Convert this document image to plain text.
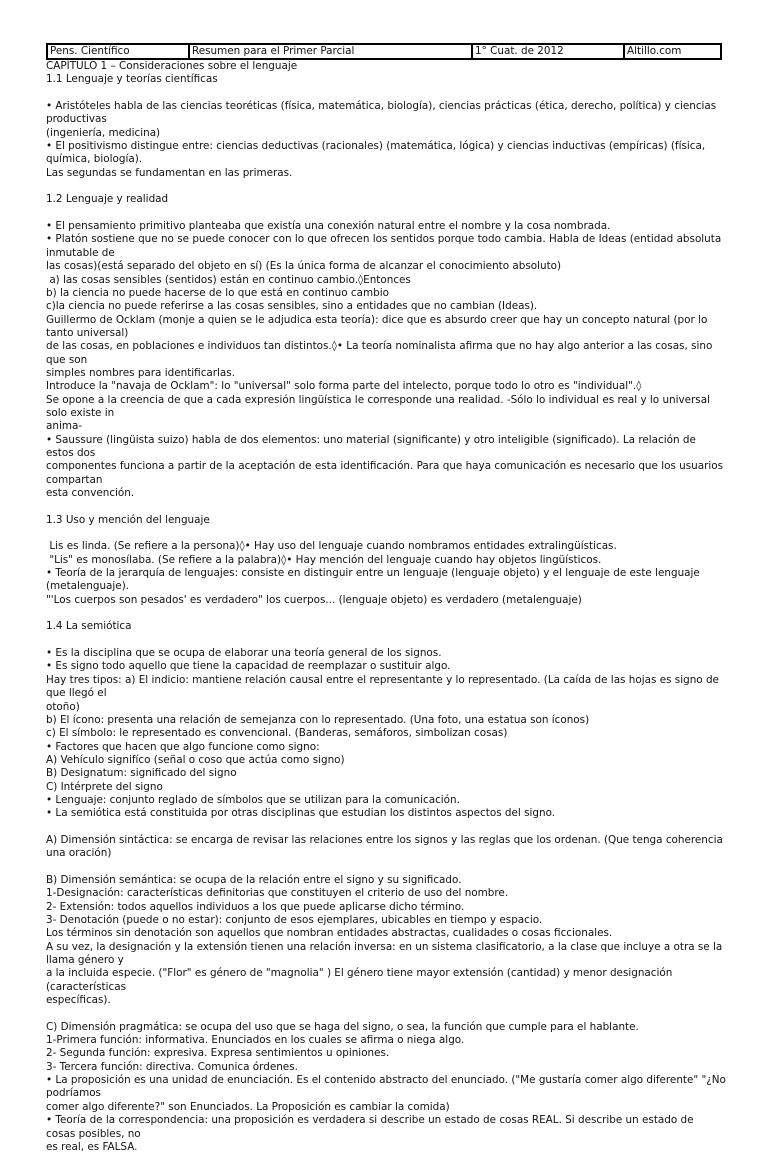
Pens. Científico	Resumen para el Primer Parcial	1° Cuat. de 2012	Altillo.com
CAPÍTULO 1 – Consideraciones sobre el lenguaje
1.1 Lenguaje y teorías científicas
• Aristóteles habla de las ciencias teoréticas (física, matemática, biología), ciencias prácticas (ética, derecho, política) y ciencias productivas
(ingeniería, medicina)
• El positivismo distingue entre: ciencias deductivas (racionales) (matemática, lógica) y ciencias inductivas (empíricas) (física, química, biología).
Las segundas se fundamentan en las primeras.
1.2 Lenguaje y realidad
• El pensamiento primitivo planteaba que existía una conexión natural entre el nombre y la cosa nombrada.
• Platón sostiene que no se puede conocer con lo que ofrecen los sentidos porque todo cambia. Habla de Ideas (entidad absoluta inmutable de
las cosas)(está separado del objeto en sí) (Es la única forma de alcanzar el conocimiento absoluto)
a) las cosas sensibles (sentidos) están en continuo cambio.◊Entonces
b) la ciencia no puede hacerse de lo que está en continuo cambio
c)la ciencia no puede referirse a las cosas sensibles, sino a entidades que no cambian (Ideas).
Guillermo de Ocklam (monje a quien se le adjudica esta teoría): dice que es absurdo creer que hay un concepto natural (por lo tanto universal)
de las cosas, en poblaciones e individuos tan distintos.◊• La teoría nominalista afirma que no hay algo anterior a las cosas, sino que son
simples nombres para identificarlas.
Introduce la "navaja de Ocklam": lo "universal" solo forma parte del intelecto, porque todo lo otro es "individual".◊
Se opone a la creencia de que a cada expresión lingüística le corresponde una realidad. -Sólo lo individual es real y lo universal solo existe in
anima-
• Saussure (lingüista suizo) habla de dos elementos: uno material (significante) y otro inteligible (significado). La relación de estos dos
componentes funciona a partir de la aceptación de esta identificación. Para que haya comunicación es necesario que los usuarios compartan
esta convención.
1.3 Uso y mención del lenguaje
Lis es linda. (Se refiere a la persona)◊• Hay uso del lenguaje cuando nombramos entidades extralingüísticas.
"Lis" es monosílaba. (Se refiere a la palabra)◊• Hay mención del lenguaje cuando hay objetos lingüísticos.
• Teoría de la jerarquía de lenguajes: consiste en distinguir entre un lenguaje (lenguaje objeto) y el lenguaje de este lenguaje (metalenguaje).
"'Los cuerpos son pesados' es verdadero" los cuerpos... (lenguaje objeto) es verdadero (metalenguaje)
1.4 La semiótica
• Es la disciplina que se ocupa de elaborar una teoría general de los signos.
• Es signo todo aquello que tiene la capacidad de reemplazar o sustituir algo.
Hay tres tipos: a) El indicio: mantiene relación causal entre el representante y lo representado. (La caída de las hojas es signo de que llegó el
otoño)
b) El ícono: presenta una relación de semejanza con lo representado. (Una foto, una estatua son íconos)
c) El símbolo: le representado es convencional. (Banderas, semáforos, simbolizan cosas)
• Factores que hacen que algo funcione como signo:
A) Vehículo signifíco (señal o coso que actúa como signo)
B) Designatum: significado del signo
C) Intérprete del signo
• Lenguaje: conjunto reglado de símbolos que se utilizan para la comunicación.
• La semiótica está constituida por otras disciplinas que estudian los distintos aspectos del signo.
A) Dimensión sintáctica: se encarga de revisar las relaciones entre los signos y las reglas que los ordenan. (Que tenga coherencia una oración)
B) Dimensión semántica: se ocupa de la relación entre el signo y su significado.
1-Designación: características definitorias que constituyen el criterio de uso del nombre.
2- Extensión: todos aquellos individuos a los que puede aplicarse dicho término.
3- Denotación (puede o no estar): conjunto de esos ejemplares, ubicables en tiempo y espacio.
Los términos sin denotación son aquellos que nombran entidades abstractas, cualidades o cosas ficcionales.
A su vez, la designación y la extensión tienen una relación inversa: en un sistema clasificatorio, a la clase que incluye a otra se la llama género y
a la incluida especie. ("Flor" es género de "magnolia" ) El género tiene mayor extensión (cantidad) y menor designación (características
específicas).
C) Dimensión pragmática: se ocupa del uso que se haga del signo, o sea, la función que cumple para el hablante.
1-Primera función: informativa. Enunciados en los cuales se afirma o niega algo.
2- Segunda función: expresiva. Expresa sentimientos u opiniones.
3- Tercera función: directiva. Comunica órdenes.
• La proposición es una unidad de enunciación. Es el contenido abstracto del enunciado. ("Me gustaría comer algo diferente" "¿No podríamos
comer algo diferente?" son Enunciados. La Proposición es cambiar la comida)
• Teoría de la correspondencia: una proposición es verdadera si describe un estado de cosas REAL. Si describe un estado de cosas posibles, no
es real, es FALSA.
